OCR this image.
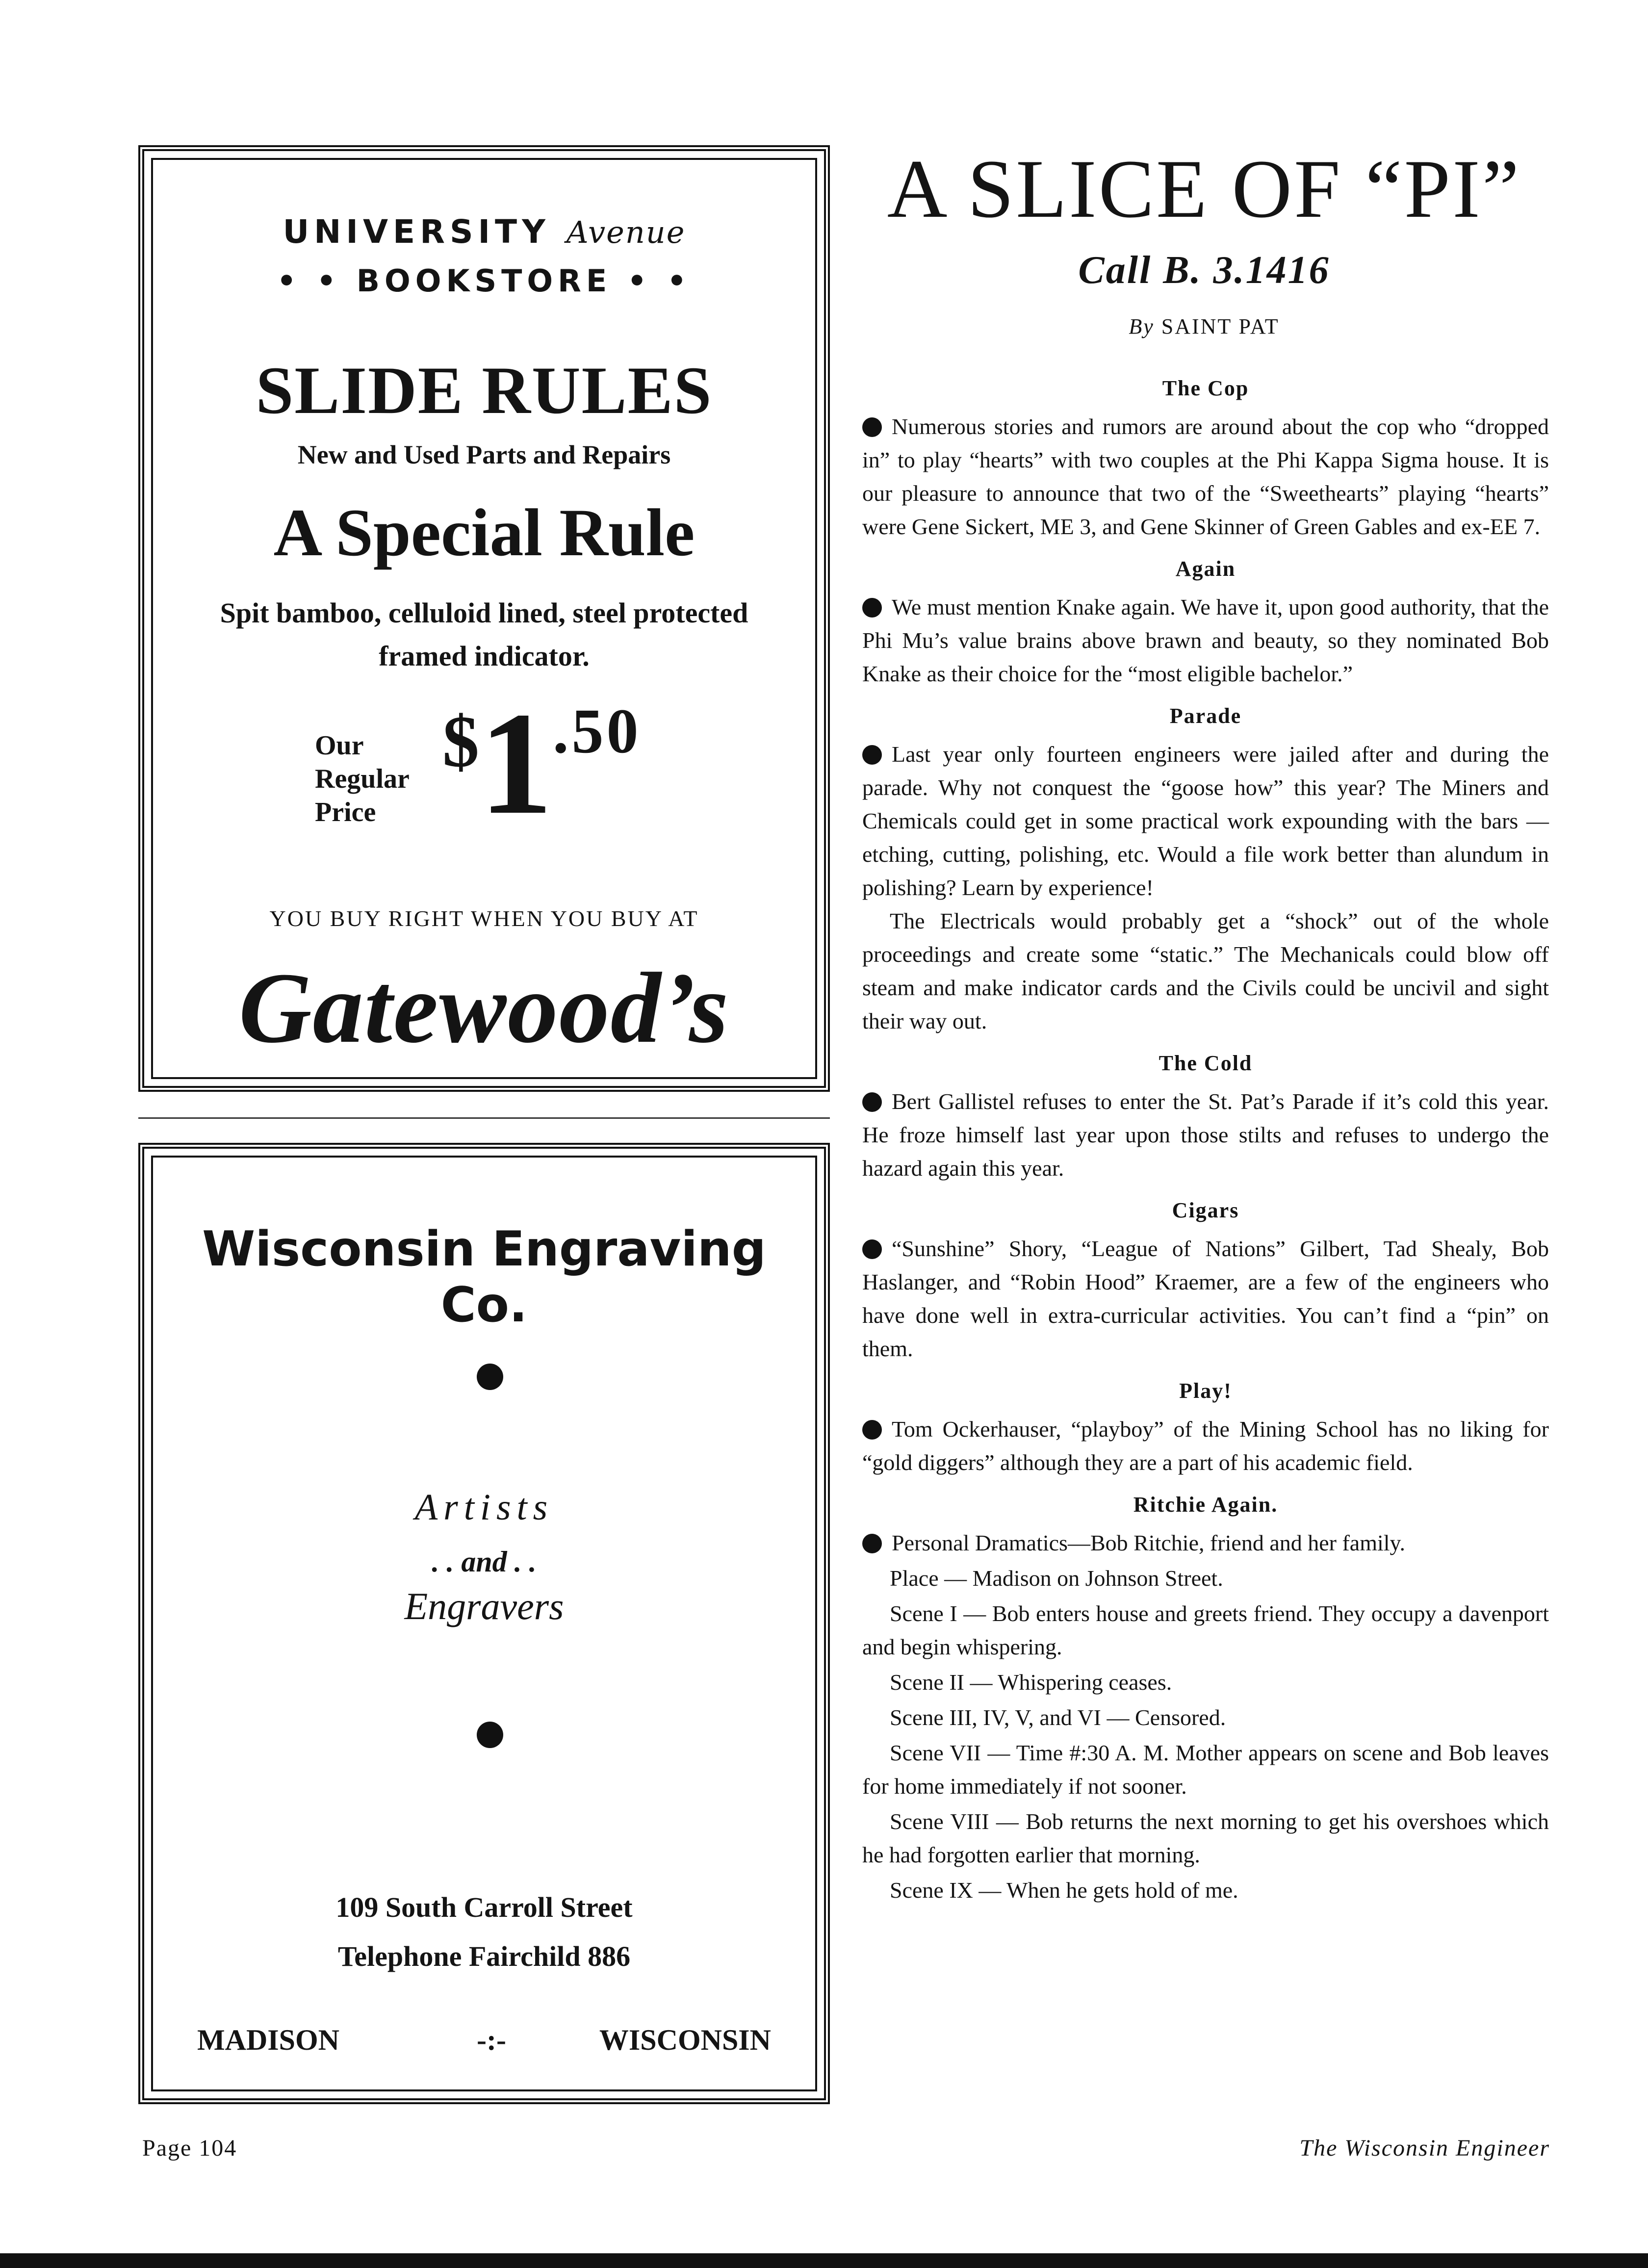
UNIVERSITY Avenue
• • BOOKSTORE • •
SLIDE RULES
New and Used Parts and Repairs
A Special Rule
Spit bamboo, celluloid lined, steel protected framed indicator.
Our
Regular
Price
$1.50
YOU BUY RIGHT WHEN YOU BUY AT
Gatewood’s
Wisconsin Engraving Co.
Artists
. . and . .
Engravers
109 South Carroll Street
Telephone Fairchild 886
MADISON	-:-	WISCONSIN
A SLICE OF “PI”
Call B. 3.1416
By SAINT PAT
The Cop

Numerous stories and rumors are around about the cop who “dropped in” to play “hearts” with two couples at the Phi Kappa Sigma house. It is our pleasure to announce that two of the “Sweethearts” playing “hearts” were Gene Sickert, ME 3, and Gene Skinner of Green Gables and ex-EE 7.

Again

We must mention Knake again. We have it, upon good authority, that the Phi Mu’s value brains above brawn and beauty, so they nominated Bob Knake as their choice for the “most eligible bachelor.”

Parade

Last year only fourteen engineers were jailed after and during the parade. Why not conquest the “goose how” this year? The Miners and Chemicals could get in some practical work expounding with the bars — etching, cutting, polishing, etc. Would a file work better than alundum in polishing? Learn by experience!

The Electricals would probably get a “shock” out of the whole proceedings and create some “static.” The Mechanicals could blow off steam and make indicator cards and the Civils could be uncivil and sight their way out.

The Cold

Bert Gallistel refuses to enter the St. Pat’s Parade if it’s cold this year. He froze himself last year upon those stilts and refuses to undergo the hazard again this year.

Cigars

“Sunshine” Shory, “League of Nations” Gilbert, Tad Shealy, Bob Haslanger, and “Robin Hood” Kraemer, are a few of the engineers who have done well in extra-curricular activities. You can’t find a “pin” on them.

Play!

Tom Ockerhauser, “playboy” of the Mining School has no liking for “gold diggers” although they are a part of his academic field.

Ritchie Again.

Personal Dramatics—Bob Ritchie, friend and her family.

Place — Madison on Johnson Street.

Scene I — Bob enters house and greets friend. They occupy a davenport and begin whispering.

Scene II — Whispering ceases.

Scene III, IV, V, and VI — Censored.

Scene VII — Time #:30 A. M. Mother appears on scene and Bob leaves for home immediately if not sooner.

Scene VIII — Bob returns the next morning to get his overshoes which he had forgotten earlier that morning.

Scene IX — When he gets hold of me.

Page 104	The Wisconsin Engineer
